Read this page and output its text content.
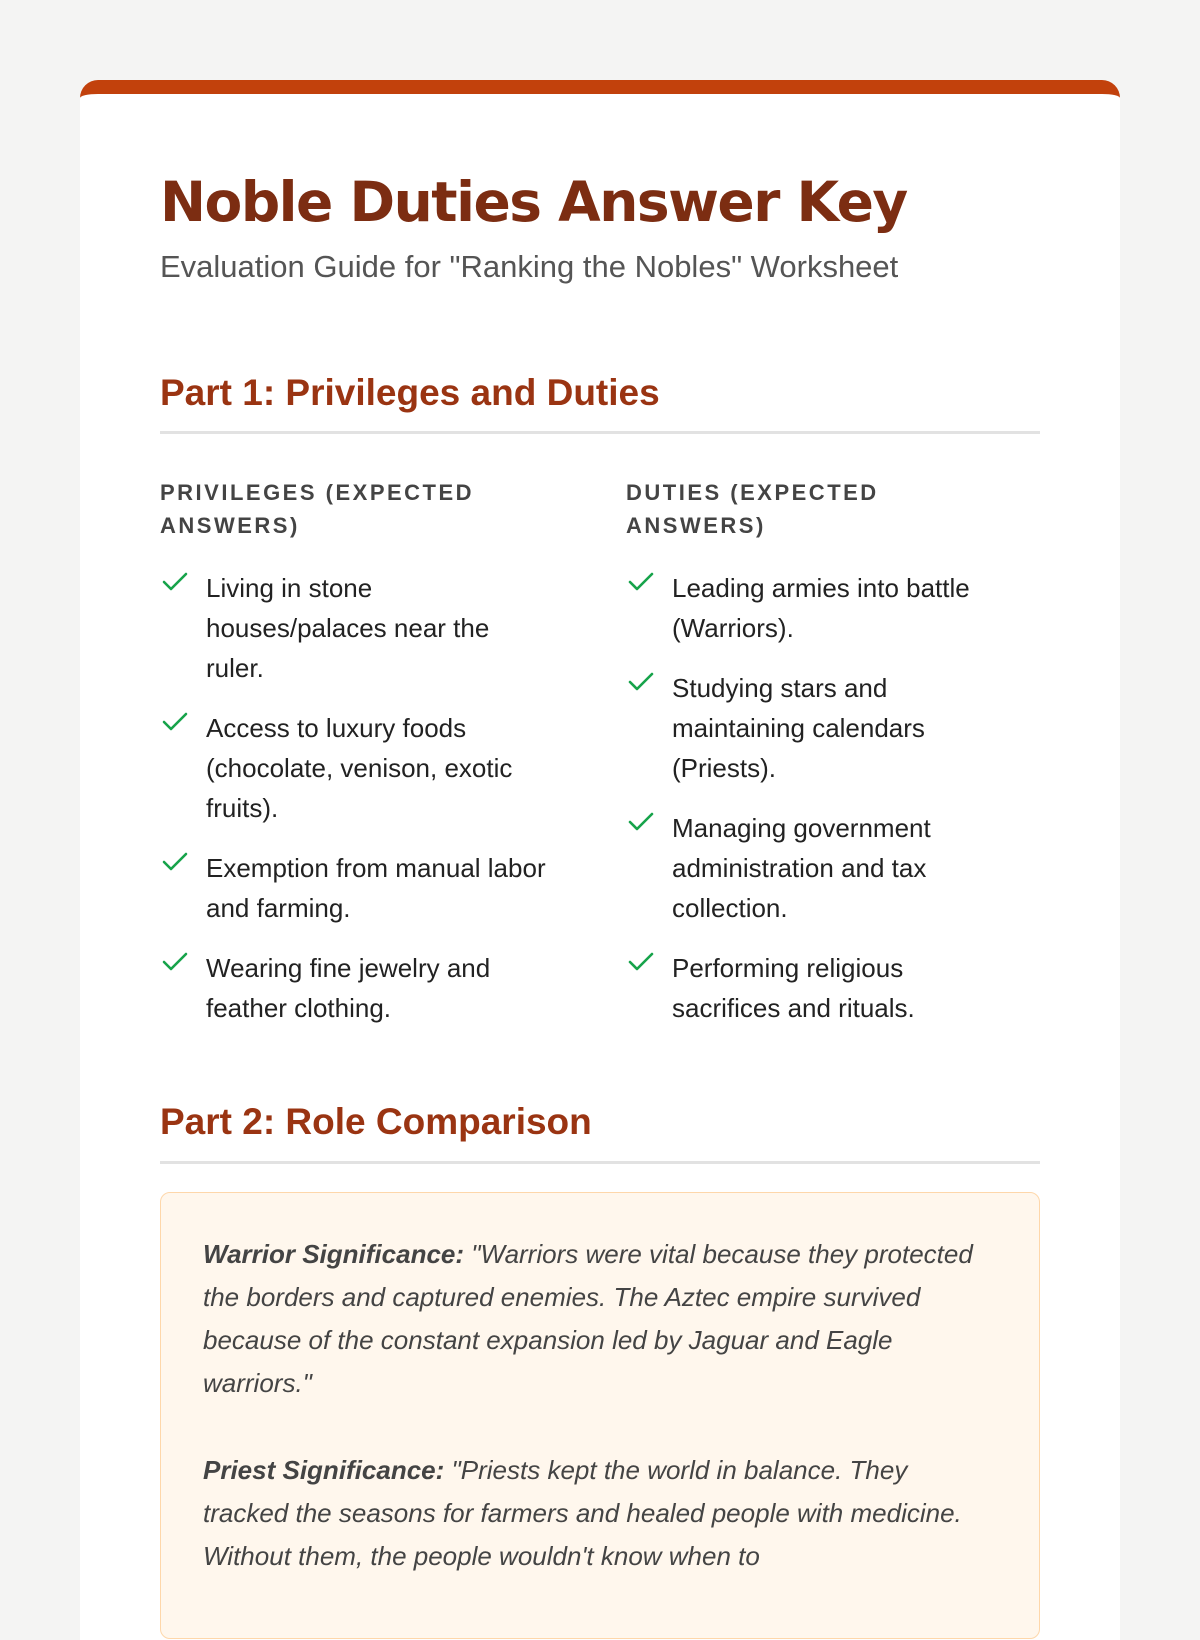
Noble Duties Answer Key
Evaluation Guide for "Ranking the Nobles" Worksheet
Part 1: Privileges and Duties
PRIVILEGES (EXPECTED ANSWERS)
Living in stone houses/palaces near the ruler.
Access to luxury foods (chocolate, venison, exotic fruits).
Exemption from manual labor and farming.
Wearing fine jewelry and feather clothing.
DUTIES (EXPECTED ANSWERS)
Leading armies into battle (Warriors).
Studying stars and maintaining calendars (Priests).
Managing government administration and tax collection.
Performing religious sacrifices and rituals.
Part 2: Role Comparison

Warrior Significance: "Warriors were vital because they protected the borders and captured enemies. The Aztec empire survived because of the constant expansion led by Jaguar and Eagle warriors."

Priest Significance: "Priests kept the world in balance. They tracked the seasons for farmers and healed people with medicine. Without them, the people wouldn't know when to
